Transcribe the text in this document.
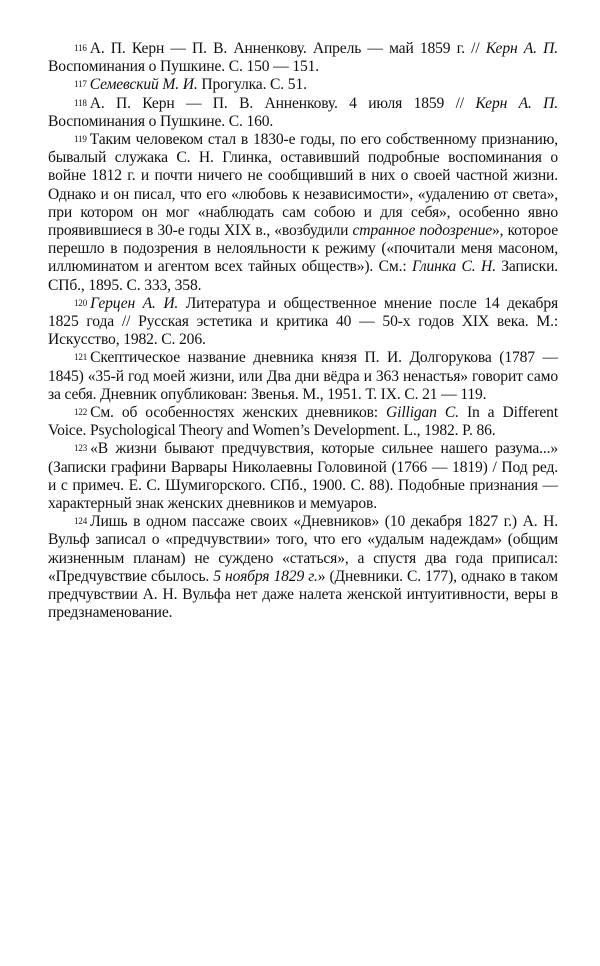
$^{116}$ А. П. Керн — П. В. Анненкову. Апрель — май 1859 г. // Керн А. П. Воспоминания о Пушкине. С. 150 — 151.

$^{117}$ Семевский М. И. Прогулка. С. 51.

$^{118}$ А. П. Керн — П. В. Анненкову. 4 июля 1859 // Керн А. П. Воспоминания о Пушкине. С. 160.

$^{119}$ Таким человеком стал в 1830-е годы, по его собственному признанию, бывалый служака С. Н. Глинка, оставивший подробные воспоминания о войне 1812 г. и почти ничего не сообщивший в них о своей частной жизни. Однако и он писал, что его «любовь к независимости», «удалению от света», при котором он мог «наблюдать сам собою и для себя», особенно явно проявившиеся в 30-е годы XIX в., «возбудили странное подозрение», которое перешло в подозрения в нелояльности к режиму («почитали меня масоном, иллюминатом и агентом всех тайных обществ»). См.: Глинка С. Н. Записки. СПб., 1895. С. 333, 358.

$^{120}$ Герцен А. И. Литература и общественное мнение после 14 декабря 1825 года // Русская эстетика и критика 40 — 50-х годов XIX века. М.: Искусство, 1982. С. 206.

$^{121}$ Скептическое название дневника князя П. И. Долгорукова (1787 — 1845) «35-й год моей жизни, или Два дни вёдра и 363 ненастья» говорит само за себя. Дневник опубликован: Звенья. М., 1951. Т. IX. С. 21 — 119.

$^{122}$ См. об особенностях женских дневников: Gilligan C. In a Different Voice. Psychological Theory and Women’s Development. L., 1982. P. 86.

$^{123}$ «В жизни бывают предчувствия, которые сильнее нашего разума...» (Записки графини Варвары Николаевны Головиной (1766 — 1819) / Под ред. и с примеч. Е. С. Шумигорского. СПб., 1900. С. 88). Подобные признания — характерный знак женских дневников и мемуаров.

$^{124}$ Лишь в одном пассаже своих «Дневников» (10 декабря 1827 г.) А. Н. Вульф записал о «предчувствии» того, что его «удалым надеждам» (общим жизненным планам) не суждено «статься», а спустя два года приписал: «Предчувствие сбылось. 5 ноября 1829 г.» (Дневники. С. 177), однако в таком предчувствии А. Н. Вульфа нет даже налета женской интуитивности, веры в предзнаменование.
